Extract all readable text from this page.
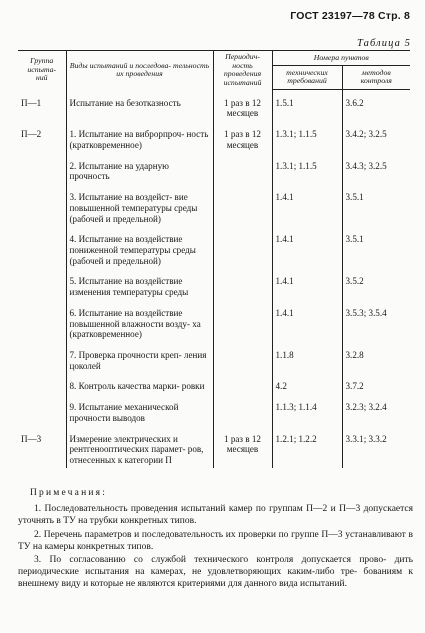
ГОСТ 23197—78 Стр. 8
Таблица 5
Группа испыта- ний	Виды испытаний и последова- тельность их проведения	Периодич- ность проведения испытаний	Номера пунктов	
			технических требований	методов контроля

П—1	Испытание на безотказность	1 раз в 12 месяцев	1.5.1	3.6.2

П—2	1. Испытание на виброрпроч- ность (кратковременное)	1 раз в 12 месяцев	1.3.1; 1.1.5	3.4.2; 3.2.5

	2. Испытание на ударную прочность		1.3.1; 1.1.5	3.4.3; 3.2.5

	3. Испытание на воздейст- вие повышенной температуры среды (рабочей и предельной)		1.4.1	3.5.1

	4. Испытание на воздействие пониженной температуры среды (рабочей и предельной)		1.4.1	3.5.1

	5. Испытание на воздействие изменения температуры среды		1.4.1	3.5.2

	6. Испытание на воздействие повышенной влажности возду- ха (кратковременное)		1.4.1	3.5.3; 3.5.4

	7. Проверка прочности креп- ления цоколей		1.1.8	3.2.8

	8. Контроль качества марки- ровки		4.2	3.7.2

	9. Испытание механической прочности выводов		1.1.3; 1.1.4	3.2.3; 3.2.4

П—3	Измерение электрических и рентгенооптических парамет- ров, отнесенных к категории П	1 раз в 12 месяцев	1.2.1; 1.2.2	3.3.1; 3.3.2
Примечания:

1. Последовательность проведения испытаний камер по группам П—2 и П—3 допускается уточнять в ТУ на трубки конкретных типов.

2. Перечень параметров и последовательность их проверки по группе П—3 устанавливают в ТУ на камеры конкретных типов.

3. По согласованию со службой технического контроля допускается прово- дить периодические испытания на камерах, не удовлетворяющих каким-либо тре- бованиям к внешнему виду и которые не являются критериями для данного вида испытаний.
